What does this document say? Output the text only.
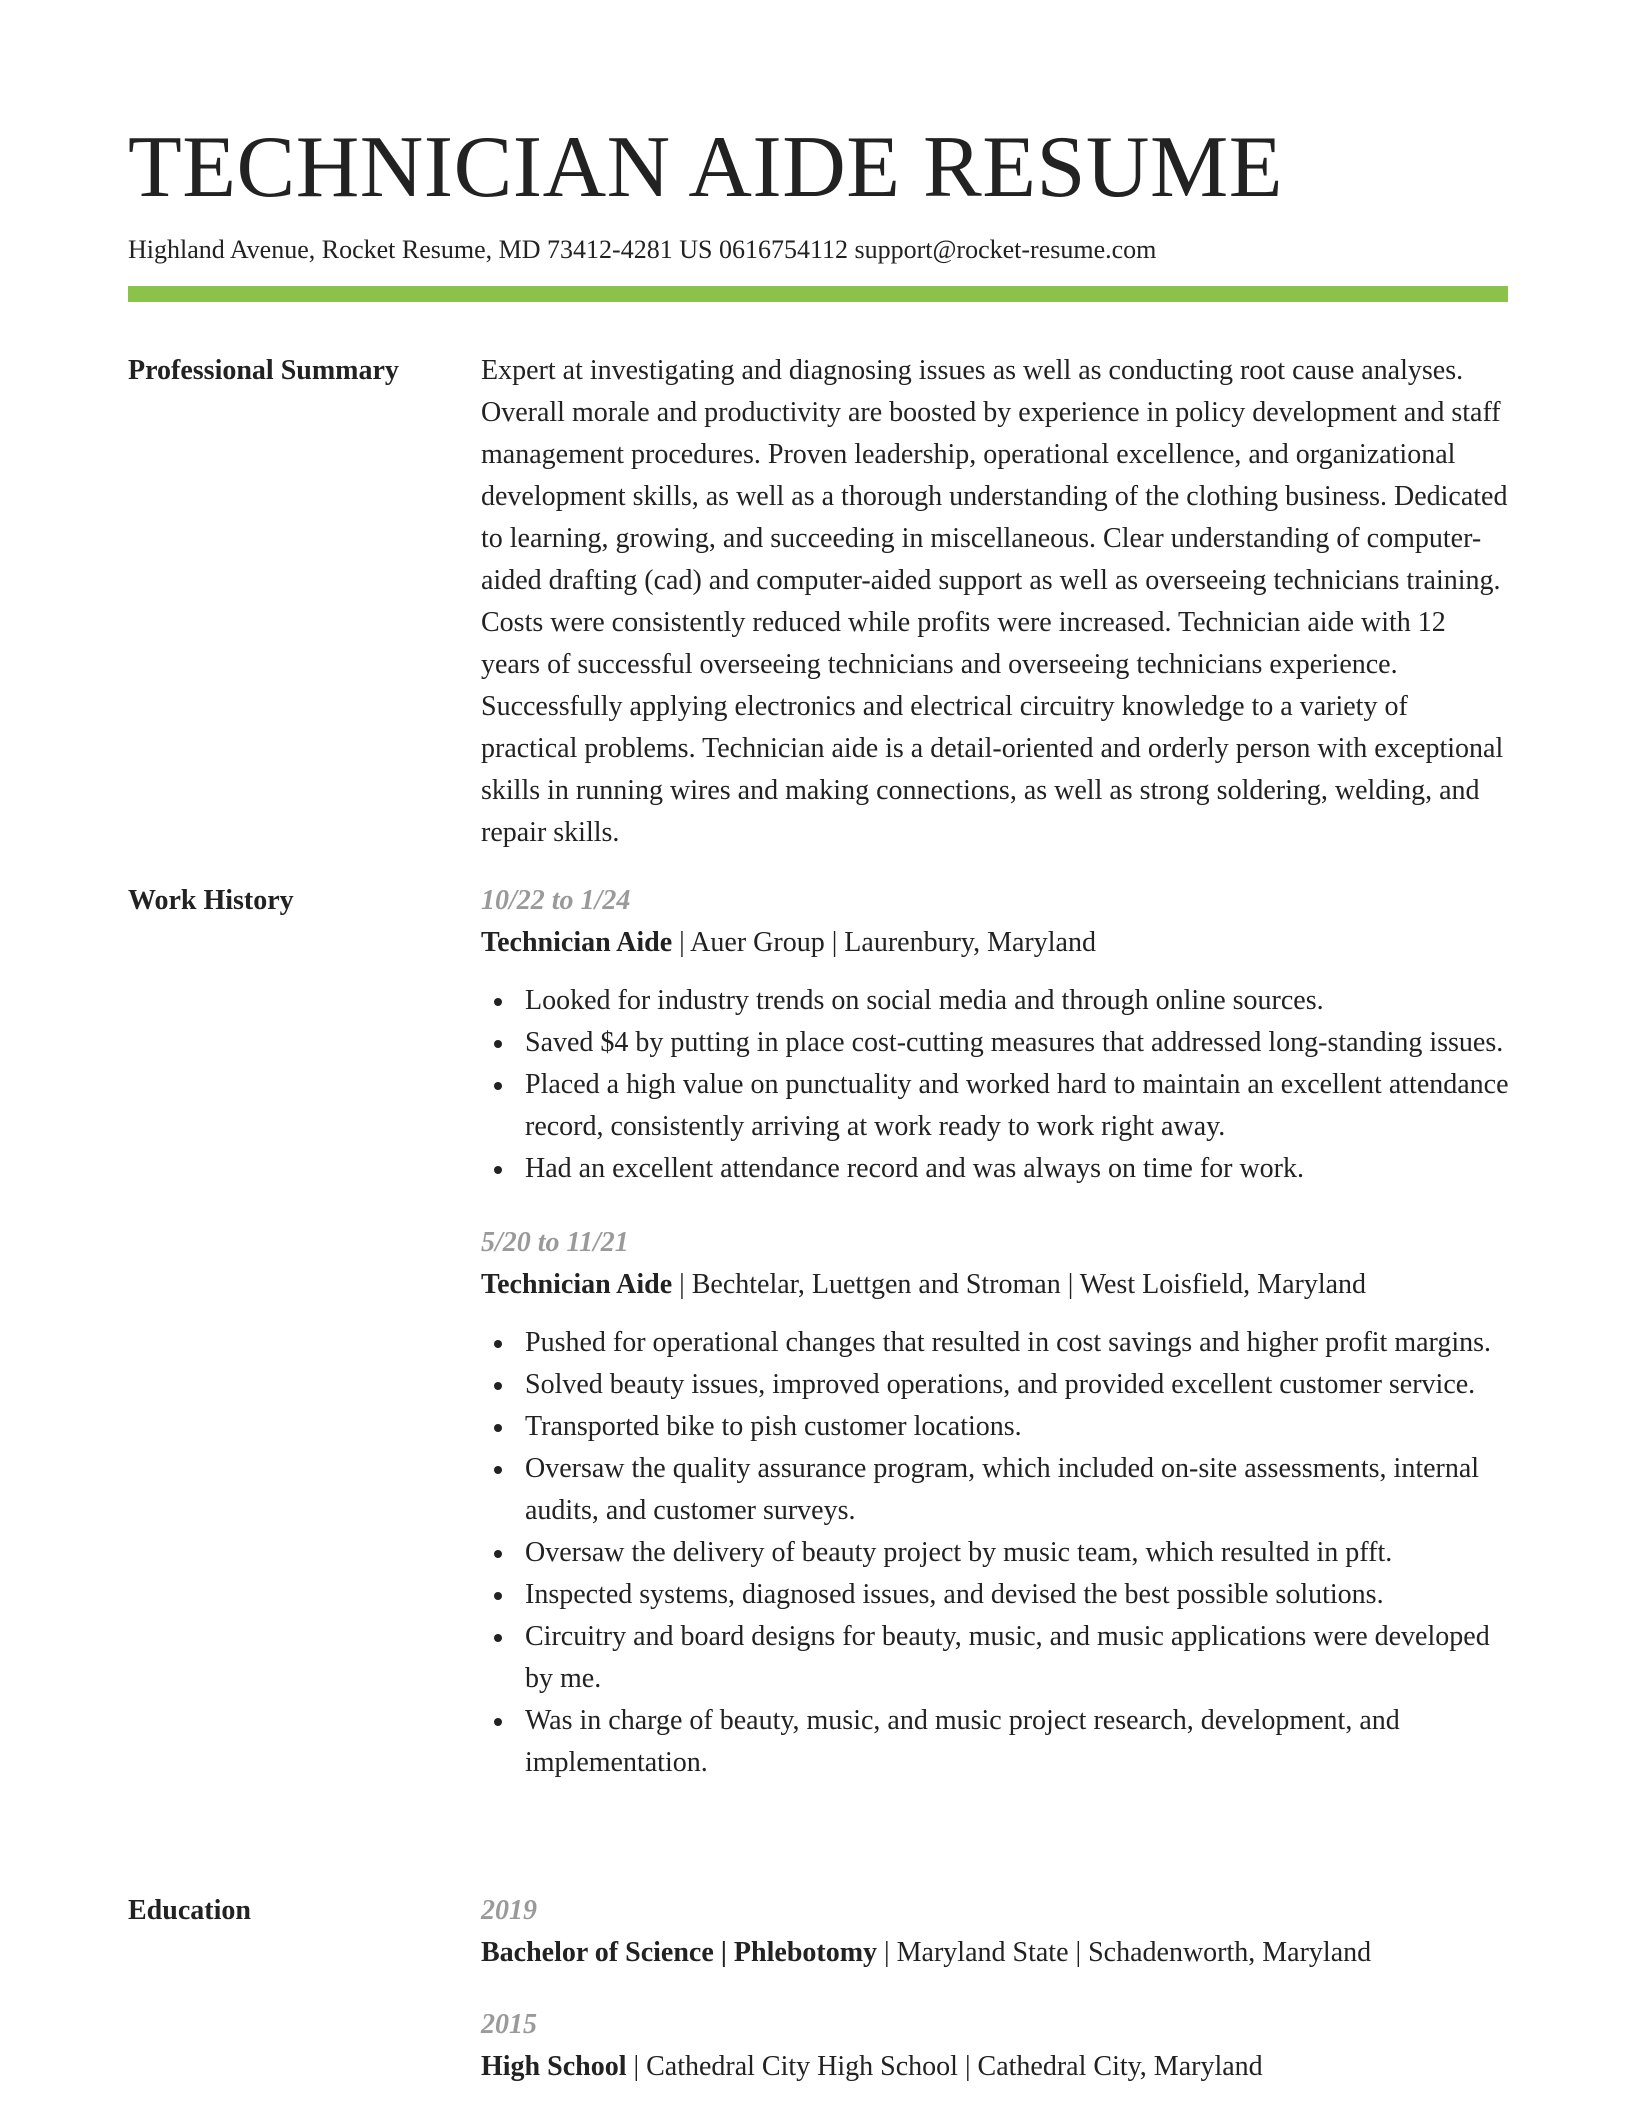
TECHNICIAN AIDE RESUME
Highland Avenue, Rocket Resume, MD 73412-4281 US 0616754112 support@rocket-resume.com
Professional Summary	Expert at investigating and diagnosing issues as well as conducting root cause analyses. Overall morale and productivity are boosted by experience in policy development and staff management procedures. Proven leadership, operational excellence, and organizational development skills, as well as a thorough understanding of the clothing business. Dedicated to learning, growing, and succeeding in miscellaneous. Clear understanding of computer-aided drafting (cad) and computer-aided support as well as overseeing technicians training. Costs were consistently reduced while profits were increased. Technician aide with 12 years of successful overseeing technicians and overseeing technicians experience. Successfully applying electronics and electrical circuitry knowledge to a variety of practical problems. Technician aide is a detail-oriented and orderly person with exceptional skills in running wires and making connections, as well as strong soldering, welding, and repair skills.

Work History	10/22 to 1/24
Technician Aide | Auer Group | Laurenbury, Maryland
Looked for industry trends on social media and through online sources.
Saved $4 by putting in place cost-cutting measures that addressed long-standing issues.
Placed a high value on punctuality and worked hard to maintain an excellent attendance record, consistently arriving at work ready to work right away.
Had an excellent attendance record and was always on time for work.
5/20 to 11/21
Technician Aide | Bechtelar, Luettgen and Stroman | West Loisfield, Maryland
Pushed for operational changes that resulted in cost savings and higher profit margins.
Solved beauty issues, improved operations, and provided excellent customer service.
Transported bike to pish customer locations.
Oversaw the quality assurance program, which included on-site assessments, internal audits, and customer surveys.
Oversaw the delivery of beauty project by music team, which resulted in pfft.
Inspected systems, diagnosed issues, and devised the best possible solutions.
Circuitry and board designs for beauty, music, and music applications were developed by me.
Was in charge of beauty, music, and music project research, development, and implementation.
Education	2019
Bachelor of Science | Phlebotomy | Maryland State | Schadenworth, Maryland
2015
High School | Cathedral City High School | Cathedral City, Maryland
